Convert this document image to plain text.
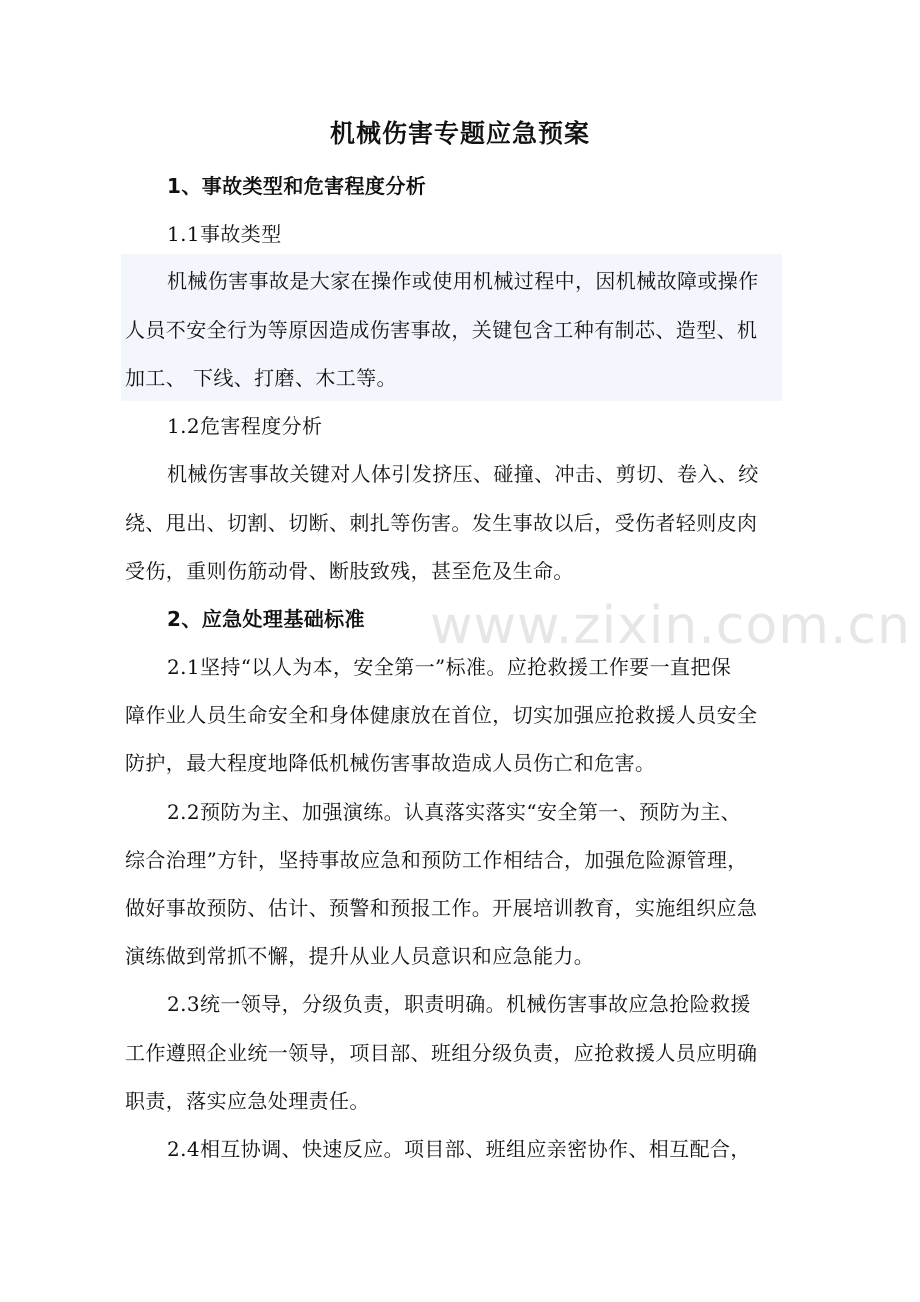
机械伤害专题应急预案
1、事故类型和危害程度分析
1.1事故类型
机械伤害事故是大家在操作或使用机械过程中，因机械故障或操作
人员不安全行为等原因造成伤害事故，关键包含工种有制芯、造型、机
加工、 下线、打磨、木工等。
1.2危害程度分析
机械伤害事故关键对人体引发挤压、碰撞、冲击、剪切、卷入、绞
绕、甩出、切割、切断、刺扎等伤害。发生事故以后，受伤者轻则皮肉
受伤，重则伤筋动骨、断肢致残，甚至危及生命。
2、应急处理基础标准
2.1坚持“以人为本，安全第一”标准。应抢救援工作要一直把保
障作业人员生命安全和身体健康放在首位，切实加强应抢救援人员安全
防护，最大程度地降低机械伤害事故造成人员伤亡和危害。
2.2预防为主、加强演练。认真落实落实“安全第一、预防为主、
综合治理”方针，坚持事故应急和预防工作相结合，加强危险源管理，
做好事故预防、估计、预警和预报工作。开展培训教育，实施组织应急
演练做到常抓不懈，提升从业人员意识和应急能力。
2.3统一领导，分级负责，职责明确。机械伤害事故应急抢险救援
工作遵照企业统一领导，项目部、班组分级负责，应抢救援人员应明确
职责，落实应急处理责任。
2.4相互协调、快速反应。项目部、班组应亲密协作、相互配合，
www.zixin.com.cn
